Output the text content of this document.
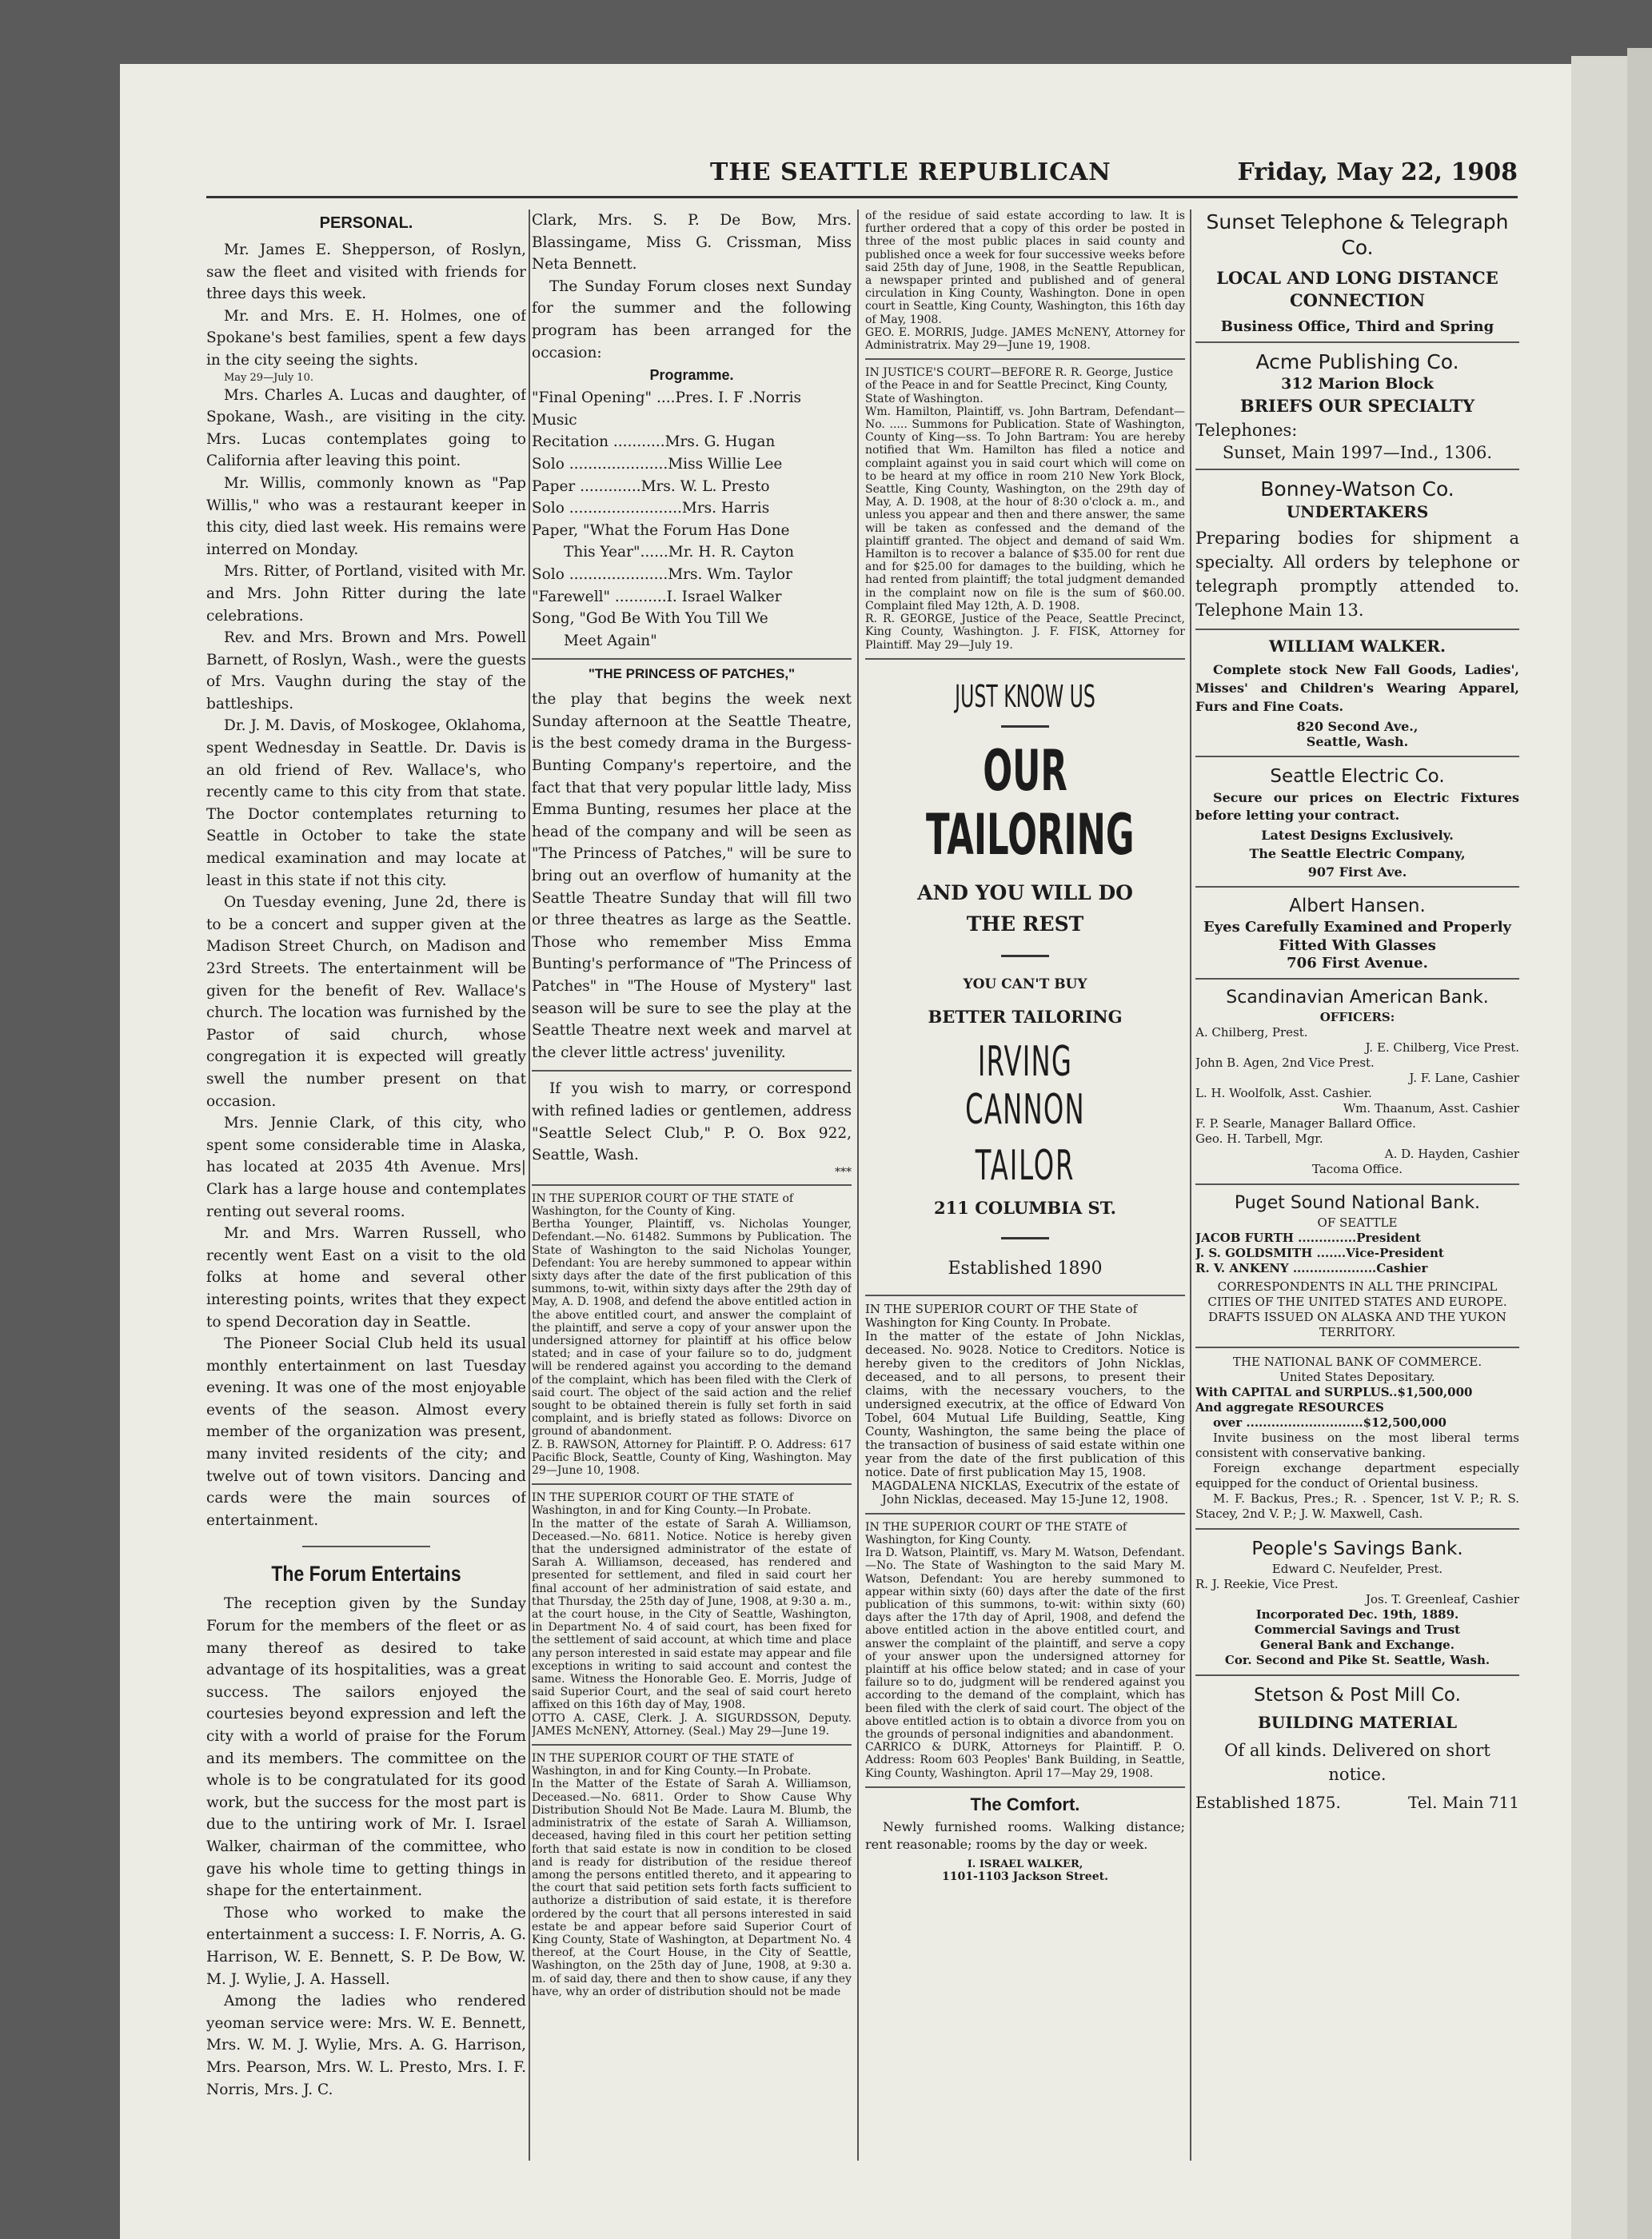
THE SEATTLE REPUBLICAN	Friday, May 22, 1908
PERSONAL.

Mr. James E. Shepperson, of Roslyn, saw the fleet and visited with friends for three days this week.

Mr. and Mrs. E. H. Holmes, one of Spokane's best families, spent a few days in the city seeing the sights.

May 29—July 10.

Mrs. Charles A. Lucas and daughter, of Spokane, Wash., are visiting in the city. Mrs. Lucas contemplates going to California after leaving this point.

Mr. Willis, commonly known as "Pap Willis," who was a restaurant keeper in this city, died last week. His remains were interred on Monday.

Mrs. Ritter, of Portland, visited with Mr. and Mrs. John Ritter during the late celebrations.

Rev. and Mrs. Brown and Mrs. Powell Barnett, of Roslyn, Wash., were the guests of Mrs. Vaughn during the stay of the battleships.

Dr. J. M. Davis, of Moskogee, Oklahoma, spent Wednesday in Seattle. Dr. Davis is an old friend of Rev. Wallace's, who recently came to this city from that state. The Doctor contemplates returning to Seattle in October to take the state medical examination and may locate at least in this state if not this city.

On Tuesday evening, June 2d, there is to be a concert and supper given at the Madison Street Church, on Madison and 23rd Streets. The entertainment will be given for the benefit of Rev. Wallace's church. The location was furnished by the Pastor of said church, whose congregation it is expected will greatly swell the number present on that occasion.

Mrs. Jennie Clark, of this city, who spent some considerable time in Alaska, has located at 2035 4th Avenue. Mrs| Clark has a large house and contemplates renting out several rooms.

Mr. and Mrs. Warren Russell, who recently went East on a visit to the old folks at home and several other interesting points, writes that they expect to spend Decoration day in Seattle.

The Pioneer Social Club held its usual monthly entertainment on last Tuesday evening. It was one of the most enjoyable events of the season. Almost every member of the organization was present, many invited residents of the city; and twelve out of town visitors. Dancing and cards were the main sources of entertainment.

The Forum Entertains

The reception given by the Sunday Forum for the members of the fleet or as many thereof as desired to take advantage of its hospitalities, was a great success. The sailors enjoyed the courtesies beyond expression and left the city with a world of praise for the Forum and its members. The committee on the whole is to be congratulated for its good work, but the success for the most part is due to the untiring work of Mr. I. Israel Walker, chairman of the committee, who gave his whole time to getting things in shape for the entertainment.

Those who worked to make the entertainment a success: I. F. Norris, A. G. Harrison, W. E. Bennett, S. P. De Bow, W. M. J. Wylie, J. A. Hassell.

Among the ladies who rendered yeoman service were: Mrs. W. E. Bennett, Mrs. W. M. J. Wylie, Mrs. A. G. Harrison, Mrs. Pearson, Mrs. W. L. Presto, Mrs. I. F. Norris, Mrs. J. C.

Clark, Mrs. S. P. De Bow, Mrs. Blassingame, Miss G. Crissman, Miss Neta Bennett.

The Sunday Forum closes next Sunday for the summer and the following program has been arranged for the occasion:

Programme.

"Final Opening" ....Pres. I. F .Norris

Music

Recitation ...........Mrs. G. Hugan

Solo .....................Miss Willie Lee

Paper .............Mrs. W. L. Presto

Solo ........................Mrs. Harris

Paper, "What the Forum Has Done

This Year"......Mr. H. R. Cayton

Solo .....................Mrs. Wm. Taylor

"Farewell" ...........I. Israel Walker

Song, "God Be With You Till We

Meet Again"

"THE PRINCESS OF PATCHES,"

the play that begins the week next Sunday afternoon at the Seattle Theatre, is the best comedy drama in the Burgess-Bunting Company's repertoire, and the fact that that very popular little lady, Miss Emma Bunting, resumes her place at the head of the company and will be seen as "The Princess of Patches," will be sure to bring out an overflow of humanity at the Seattle Theatre Sunday that will fill two or three theatres as large as the Seattle. Those who remember Miss Emma Bunting's performance of "The Princess of Patches" in "The House of Mystery" last season will be sure to see the play at the Seattle Theatre next week and marvel at the clever little actress' juvenility.

If you wish to marry, or correspond with refined ladies or gentlemen, address "Seattle Select Club," P. O. Box 922, Seattle, Wash.

***

IN THE SUPERIOR COURT OF THE STATE of Washington, for the County of King.

Bertha Younger, Plaintiff, vs. Nicholas Younger, Defendant.—No. 61482. Summons by Publication. The State of Washington to the said Nicholas Younger, Defendant: You are hereby summoned to appear within sixty days after the date of the first publication of this summons, to-wit, within sixty days after the 29th day of May, A. D. 1908, and defend the above entitled action in the above entitled court, and answer the complaint of the plaintiff, and serve a copy of your answer upon the undersigned attorney for plaintiff at his office below stated; and in case of your failure so to do, judgment will be rendered against you according to the demand of the complaint, which has been filed with the Clerk of said court. The object of the said action and the relief sought to be obtained therein is fully set forth in said complaint, and is briefly stated as follows: Divorce on ground of abandonment.

Z. B. RAWSON, Attorney for Plaintiff. P. O. Address: 617 Pacific Block, Seattle, County of King, Washington. May 29—June 10, 1908.

IN THE SUPERIOR COURT OF THE STATE of Washington, in and for King County.—In Probate.

In the matter of the estate of Sarah A. Williamson, Deceased.—No. 6811. Notice. Notice is hereby given that the undersigned administrator of the estate of Sarah A. Williamson, deceased, has rendered and presented for settlement, and filed in said court her final account of her administration of said estate, and that Thursday, the 25th day of June, 1908, at 9:30 a. m., at the court house, in the City of Seattle, Washington, in Department No. 4 of said court, has been fixed for the settlement of said account, at which time and place any person interested in said estate may appear and file exceptions in writing to said account and contest the same. Witness the Honorable Geo. E. Morris, Judge of said Superior Court, and the seal of said court hereto affixed on this 16th day of May, 1908.

OTTO A. CASE, Clerk. J. A. SIGURDSSON, Deputy. JAMES McNENY, Attorney. (Seal.) May 29—June 19.

IN THE SUPERIOR COURT OF THE STATE of Washington, in and for King County.—In Probate.

In the Matter of the Estate of Sarah A. Williamson, Deceased.—No. 6811. Order to Show Cause Why Distribution Should Not Be Made. Laura M. Blumb, the administratrix of the estate of Sarah A. Williamson, deceased, having filed in this court her petition setting forth that said estate is now in condition to be closed and is ready for distribution of the residue thereof among the persons entitled thereto, and it appearing to the court that said petition sets forth facts sufficient to authorize a distribution of said estate, it is therefore ordered by the court that all persons interested in said estate be and appear before said Superior Court of King County, State of Washington, at Department No. 4 thereof, at the Court House, in the City of Seattle, Washington, on the 25th day of June, 1908, at 9:30 a. m. of said day, there and then to show cause, if any they have, why an order of distribution should not be made

of the residue of said estate according to law. It is further ordered that a copy of this order be posted in three of the most public places in said county and published once a week for four successive weeks before said 25th day of June, 1908, in the Seattle Republican, a newspaper printed and published and of general circulation in King County, Washington. Done in open court in Seattle, King County, Washington, this 16th day of May, 1908.

GEO. E. MORRIS, Judge. JAMES McNENY, Attorney for Administratrix. May 29—June 19, 1908.

IN JUSTICE'S COURT—BEFORE R. R. George, Justice of the Peace in and for Seattle Precinct, King County, State of Washington.

Wm. Hamilton, Plaintiff, vs. John Bartram, Defendant—No. ..... Summons for Publication. State of Washington, County of King—ss. To John Bartram: You are hereby notified that Wm. Hamilton has filed a notice and complaint against you in said court which will come on to be heard at my office in room 210 New York Block, Seattle, King County, Washington, on the 29th day of May, A. D. 1908, at the hour of 8:30 o'clock a. m., and unless you appear and then and there answer, the same will be taken as confessed and the demand of the plaintiff granted. The object and demand of said Wm. Hamilton is to recover a balance of $35.00 for rent due and for $25.00 for damages to the building, which he had rented from plaintiff; the total judgment demanded in the complaint now on file is the sum of $60.00. Complaint filed May 12th, A. D. 1908.

R. R. GEORGE, Justice of the Peace, Seattle Precinct, King County, Washington. J. F. FISK, Attorney for Plaintiff. May 29—July 19.

JUST KNOW US
OUR TAILORING
AND YOU WILL DO
THE REST
YOU CAN'T BUY
BETTER TAILORING
IRVING CANNON
TAILOR
211 COLUMBIA ST.
Established 1890

IN THE SUPERIOR COURT OF THE State of Washington for King County. In Probate.

In the matter of the estate of John Nicklas, deceased. No. 9028. Notice to Creditors. Notice is hereby given to the creditors of John Nicklas, deceased, and to all persons, to present their claims, with the necessary vouchers, to the undersigned executrix, at the office of Edward Von Tobel, 604 Mutual Life Building, Seattle, King County, Washington, the same being the place of the transaction of business of said estate within one year from the date of the first publication of this notice. Date of first publication May 15, 1908.

MAGDALENA NICKLAS, Executrix of the estate of John Nicklas, deceased. May 15-June 12, 1908.

IN THE SUPERIOR COURT OF THE STATE of Washington, for King County.

Ira D. Watson, Plaintiff, vs. Mary M. Watson, Defendant.—No. The State of Washington to the said Mary M. Watson, Defendant: You are hereby summoned to appear within sixty (60) days after the date of the first publication of this summons, to-wit: within sixty (60) days after the 17th day of April, 1908, and defend the above entitled action in the above entitled court, and answer the complaint of the plaintiff, and serve a copy of your answer upon the undersigned attorney for plaintiff at his office below stated; and in case of your failure so to do, judgment will be rendered against you according to the demand of the complaint, which has been filed with the clerk of said court. The object of the above entitled action is to obtain a divorce from you on the grounds of personal indignities and abandonment.

CARRICO & DURK, Attorneys for Plaintiff. P. O. Address: Room 603 Peoples' Bank Building, in Seattle, King County, Washington. April 17—May 29, 1908.

The Comfort.

Newly furnished rooms. Walking distance; rent reasonable; rooms by the day or week.

I. ISRAEL WALKER,
1101-1103 Jackson Street.
Sunset Telephone & Telegraph Co.
LOCAL AND LONG DISTANCE CONNECTION
Business Office, Third and Spring
Acme Publishing Co.
312 Marion Block
BRIEFS OUR SPECIALTY
Telephones:
Sunset, Main 1997—Ind., 1306.
Bonney-Watson Co.
UNDERTAKERS

Preparing bodies for shipment a specialty. All orders by telephone or telegraph promptly attended to. Telephone Main 13.

WILLIAM WALKER.

Complete stock New Fall Goods, Ladies', Misses' and Children's Wearing Apparel, Furs and Fine Coats.

820 Second Ave.,
Seattle, Wash.
Seattle Electric Co.

Secure our prices on Electric Fixtures before letting your contract.

Latest Designs Exclusively.
The Seattle Electric Company,
907 First Ave.
Albert Hansen.
Eyes Carefully Examined and Properly Fitted With Glasses
706 First Avenue.
Scandinavian American Bank.
OFFICERS:
A. Chilberg, Prest.
J. E. Chilberg, Vice Prest.
John B. Agen, 2nd Vice Prest.
J. F. Lane, Cashier
L. H. Woolfolk, Asst. Cashier.
Wm. Thaanum, Asst. Cashier
F. P. Searle, Manager Ballard Office.
Geo. H. Tarbell, Mgr.
A. D. Hayden, Cashier
Tacoma Office.
Puget Sound National Bank.
OF SEATTLE
JACOB FURTH ..............President
J. S. GOLDSMITH .......Vice-President
R. V. ANKENY ....................Cashier
CORRESPONDENTS IN ALL THE PRINCIPAL CITIES OF THE UNITED STATES AND EUROPE. DRAFTS ISSUED ON ALASKA AND THE YUKON TERRITORY.
THE NATIONAL BANK OF COMMERCE.
United States Depositary.
With CAPITAL and SURPLUS..$1,500,000
And aggregate RESOURCES
over ............................$12,500,000

Invite business on the most liberal terms consistent with conservative banking.

Foreign exchange department especially equipped for the conduct of Oriental business.

M. F. Backus, Pres.; R. . Spencer, 1st V. P.; R. S. Stacey, 2nd V. P.; J. W. Maxwell, Cash.

People's Savings Bank.
Edward C. Neufelder, Prest.
R. J. Reekie, Vice Prest.
Jos. T. Greenleaf, Cashier
Incorporated Dec. 19th, 1889.
Commercial Savings and Trust
General Bank and Exchange.
Cor. Second and Pike St. Seattle, Wash.
Stetson & Post Mill Co.
BUILDING MATERIAL
Of all kinds. Delivered on short notice.
Established 1875.	Tel. Main 711
